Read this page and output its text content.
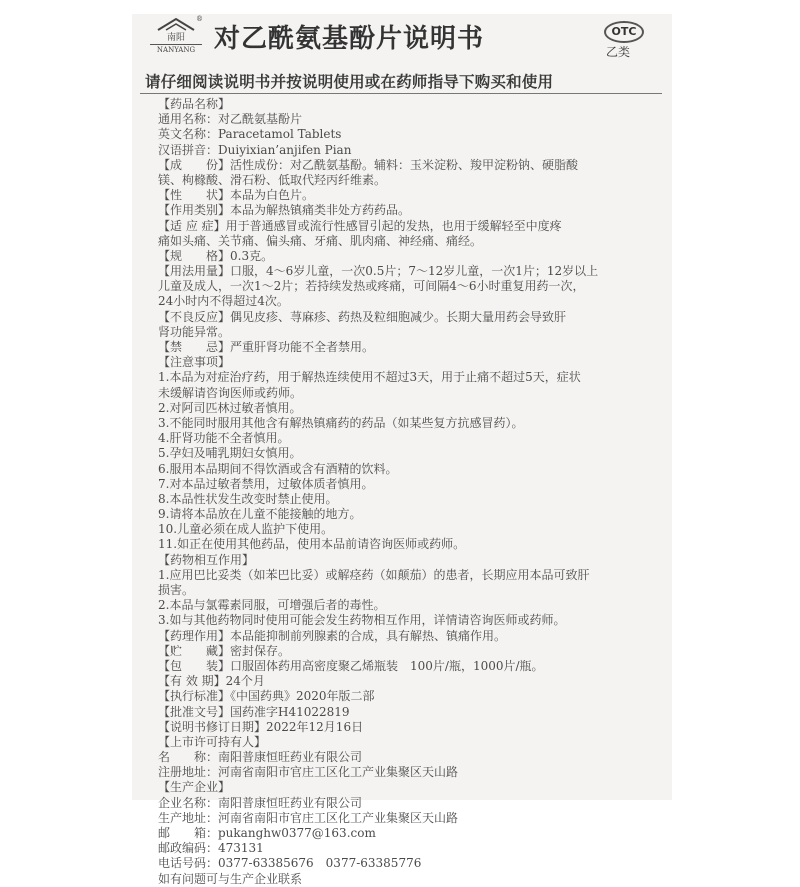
南阳
NANYANG
®
对乙酰氨基酚片说明书	OTC
乙类
请仔细阅读说明书并按说明使用或在药师指导下购买和使用
【药品名称】
通用名称：对乙酰氨基酚片
英文名称：Paracetamol Tablets
汉语拼音：Duiyixian’anjifen Pian
【成　　份】活性成份：对乙酰氨基酚。辅料：玉米淀粉、羧甲淀粉钠、硬脂酸
镁、枸橼酸、滑石粉、低取代羟丙纤维素。
【性　　状】本品为白色片。
【作用类别】本品为解热镇痛类非处方药药品。
【适 应 症】用于普通感冒或流行性感冒引起的发热，也用于缓解轻至中度疼
痛如头痛、关节痛、偏头痛、牙痛、肌肉痛、神经痛、痛经。
【规　　格】0.3克。
【用法用量】口服，4～6岁儿童，一次0.5片；7～12岁儿童，一次1片；12岁以上
儿童及成人，一次1～2片；若持续发热或疼痛，可间隔4～6小时重复用药一次，
24小时内不得超过4次。
【不良反应】偶见皮疹、荨麻疹、药热及粒细胞减少。长期大量用药会导致肝
肾功能异常。
【禁　　忌】严重肝肾功能不全者禁用。
【注意事项】
1.本品为对症治疗药，用于解热连续使用不超过3天，用于止痛不超过5天，症状
未缓解请咨询医师或药师。
2.对阿司匹林过敏者慎用。
3.不能同时服用其他含有解热镇痛药的药品（如某些复方抗感冒药）。
4.肝肾功能不全者慎用。
5.孕妇及哺乳期妇女慎用。
6.服用本品期间不得饮酒或含有酒精的饮料。
7.对本品过敏者禁用，过敏体质者慎用。
8.本品性状发生改变时禁止使用。
9.请将本品放在儿童不能接触的地方。
10.儿童必须在成人监护下使用。
11.如正在使用其他药品，使用本品前请咨询医师或药师。
【药物相互作用】
1.应用巴比妥类（如苯巴比妥）或解痉药（如颠茄）的患者，长期应用本品可致肝
损害。
2.本品与氯霉素同服，可增强后者的毒性。
3.如与其他药物同时使用可能会发生药物相互作用，详情请咨询医师或药师。
【药理作用】本品能抑制前列腺素的合成，具有解热、镇痛作用。
【贮　　藏】密封保存。
【包　　装】口服固体药用高密度聚乙烯瓶装　100片/瓶，1000片/瓶。
【有 效 期】24个月
【执行标准】《中国药典》2020年版二部
【批准文号】国药准字H41022819
【说明书修订日期】2022年12月16日
【上市许可持有人】
名　　称：南阳普康恒旺药业有限公司
注册地址：河南省南阳市官庄工区化工产业集聚区天山路
【生产企业】
企业名称：南阳普康恒旺药业有限公司
生产地址：河南省南阳市官庄工区化工产业集聚区天山路
邮　　箱：pukanghw0377@163.com
邮政编码：473131
电话号码：0377-63385676　0377-63385776
如有问题可与生产企业联系
